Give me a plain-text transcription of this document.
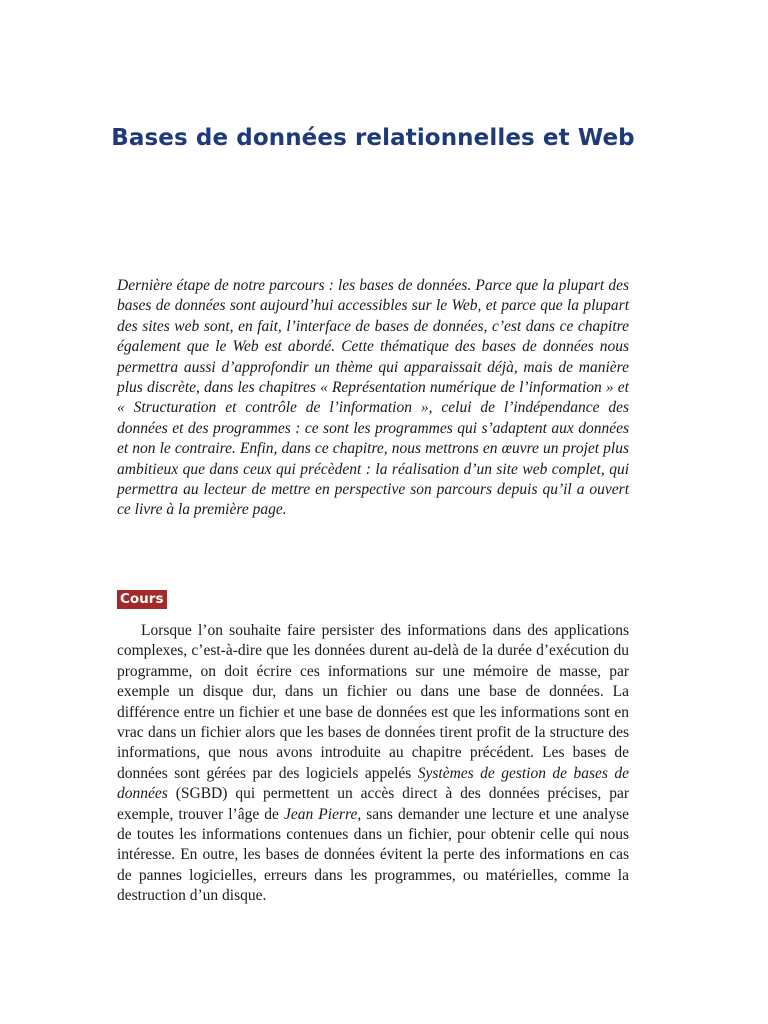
Bases de données relationnelles et Web

Dernière étape de notre parcours : les bases de données. Parce que la plupart des bases de données sont aujourd’hui accessibles sur le Web, et parce que la plupart des sites web sont, en fait, l’interface de bases de données, c’est dans ce chapitre également que le Web est abordé. Cette thématique des bases de données nous permettra aussi d’approfondir un thème qui apparaissait déjà, mais de manière plus discrète, dans les chapitres « Représentation numérique de l’information » et « Structuration et contrôle de l’information », celui de l’indépendance des données et des programmes : ce sont les programmes qui s’adaptent aux données et non le contraire. Enfin, dans ce chapitre, nous mettrons en œuvre un projet plus ambitieux que dans ceux qui précèdent : la réalisation d’un site web complet, qui permettra au lecteur de mettre en perspective son parcours depuis qu’il a ouvert ce livre à la première page.

Cours

Lorsque l’on souhaite faire persister des informations dans des applications complexes, c’est-à-dire que les données durent au-delà de la durée d’exécution du programme, on doit écrire ces informations sur une mémoire de masse, par exemple un disque dur, dans un fichier ou dans une base de données. La différence entre un fichier et une base de données est que les informations sont en vrac dans un fichier alors que les bases de données tirent profit de la structure des informations, que nous avons introduite au chapitre précédent. Les bases de données sont gérées par des logiciels appelés Systèmes de gestion de bases de données (SGBD) qui permettent un accès direct à des données précises, par exemple, trouver l’âge de Jean Pierre, sans demander une lecture et une analyse de toutes les informations contenues dans un fichier, pour obtenir celle qui nous intéresse. En outre, les bases de données évitent la perte des informations en cas de pannes logicielles, erreurs dans les programmes, ou matérielles, comme la destruction d’un disque.
